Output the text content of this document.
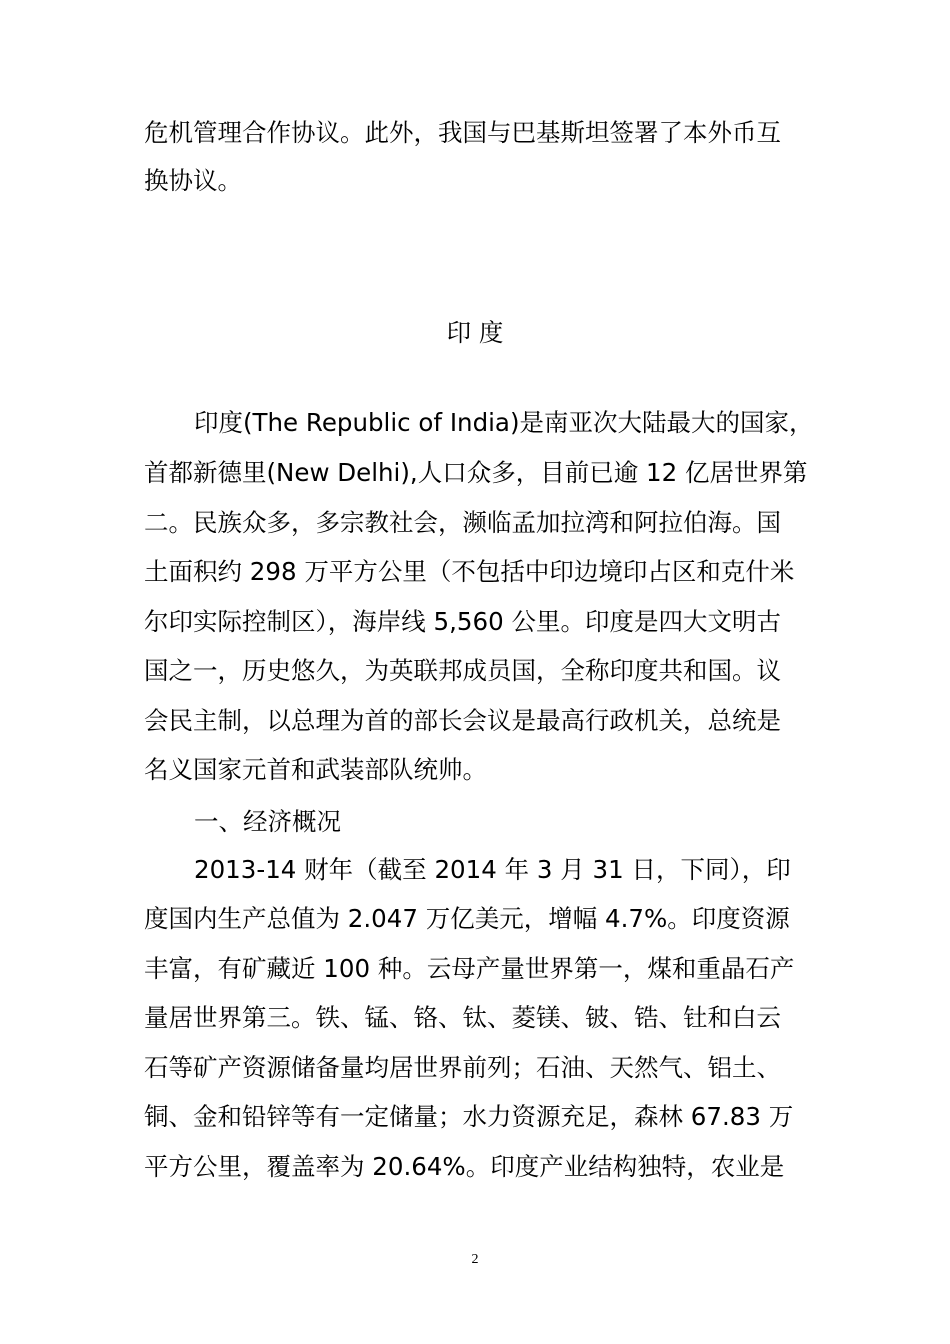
危机管理合作协议。此外，我国与巴基斯坦签署了本外币互
换协议。
印 度
印度(The Republic of India)是南亚次大陆最大的国家，
首都新德里(New Delhi),人口众多，目前已逾 12 亿居世界第
二。民族众多，多宗教社会，濒临孟加拉湾和阿拉伯海。国
土面积约 298 万平方公里（不包括中印边境印占区和克什米
尔印实际控制区），海岸线 5,560 公里。印度是四大文明古
国之一，历史悠久，为英联邦成员国，全称印度共和国。议
会民主制，以总理为首的部长会议是最高行政机关，总统是
名义国家元首和武装部队统帅。
一、经济概况
2013-14 财年（截至 2014 年 3 月 31 日，下同），印
度国内生产总值为 2.047 万亿美元，增幅 4.7%。印度资源
丰富，有矿藏近 100 种。云母产量世界第一，煤和重晶石产
量居世界第三。铁、锰、铬、钛、菱镁、铍、锆、钍和白云
石等矿产资源储备量均居世界前列；石油、天然气、铝土、
铜、金和铅锌等有一定储量；水力资源充足，森林 67.83 万
平方公里，覆盖率为 20.64%。印度产业结构独特，农业是
2
